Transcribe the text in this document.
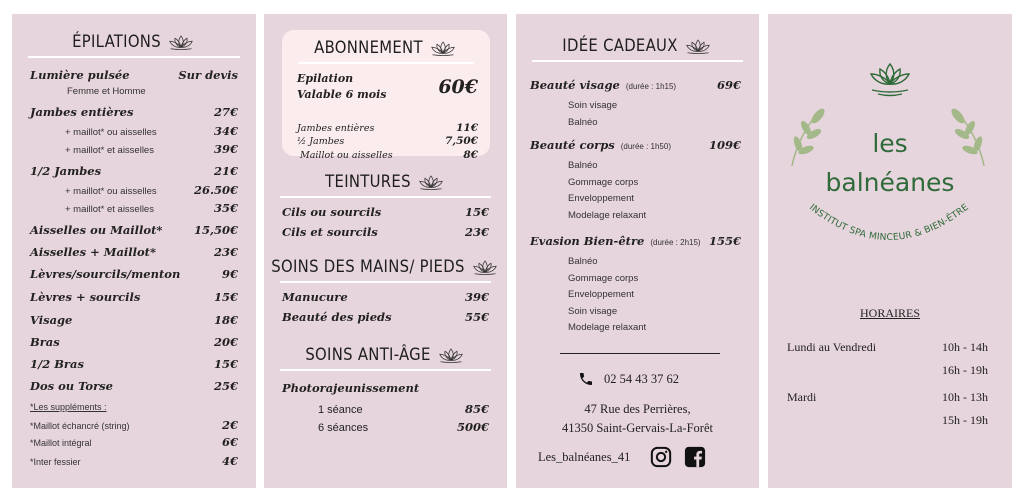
ÉPILATIONS
Lumière pulsée	Sur devis
Femme et Homme
Jambes entières	27€
+ maillot* ou aisselles	34€
+ maillot* et aisselles	39€
1/2 Jambes	21€
+ maillot* ou aisselles	26.50€
+ maillot* et aisselles	35€
Aisselles ou Maillot*	15,50€
Aisselles + Maillot*	23€
Lèvres/sourcils/menton	9€
Lèvres + sourcils	15€
Visage	18€
Bras	20€
1/2 Bras	15€
Dos ou Torse	25€
*Les suppléments :
*Maillot échancré (string)	2€
*Maillot intégral	6€
*Inter fessier	4€
ABONNEMENT
Epilation
Valable 6 mois	60€
Jambes entières	11€
½ Jambes	7,50€
Maillot ou aisselles	8€
TEINTURES
Cils ou sourcils	15€
Cils et sourcils	23€
SOINS DES MAINS/ PIEDS
Manucure	39€
Beauté des pieds	55€
SOINS ANTI-ÂGE
Photorajeunissement
1 séance	85€
6 séances	500€
IDÉE CADEAUX
Beauté visage (durée : 1h15)	69€
Soin visage
Balnéo
Beauté corps (durée : 1h50)	109€
Balnéo
Gommage corps
Enveloppement
Modelage relaxant
Evasion Bien-être (durée : 2h15) 155€
Balnéo
Gommage corps
Enveloppement
Soin visage
Modelage relaxant
02 54 43 37 62
47 Rue des Perrières,
41350 Saint-Gervais-La-Forêt
Les_balnéanes_41
les
balnéanes
INSTITUT SPA MINCEUR & BIEN-ÊTRE
HORAIRES
Lundi au Vendredi	10h - 14h
16h - 19h
Mardi	10h - 13h
15h - 19h
